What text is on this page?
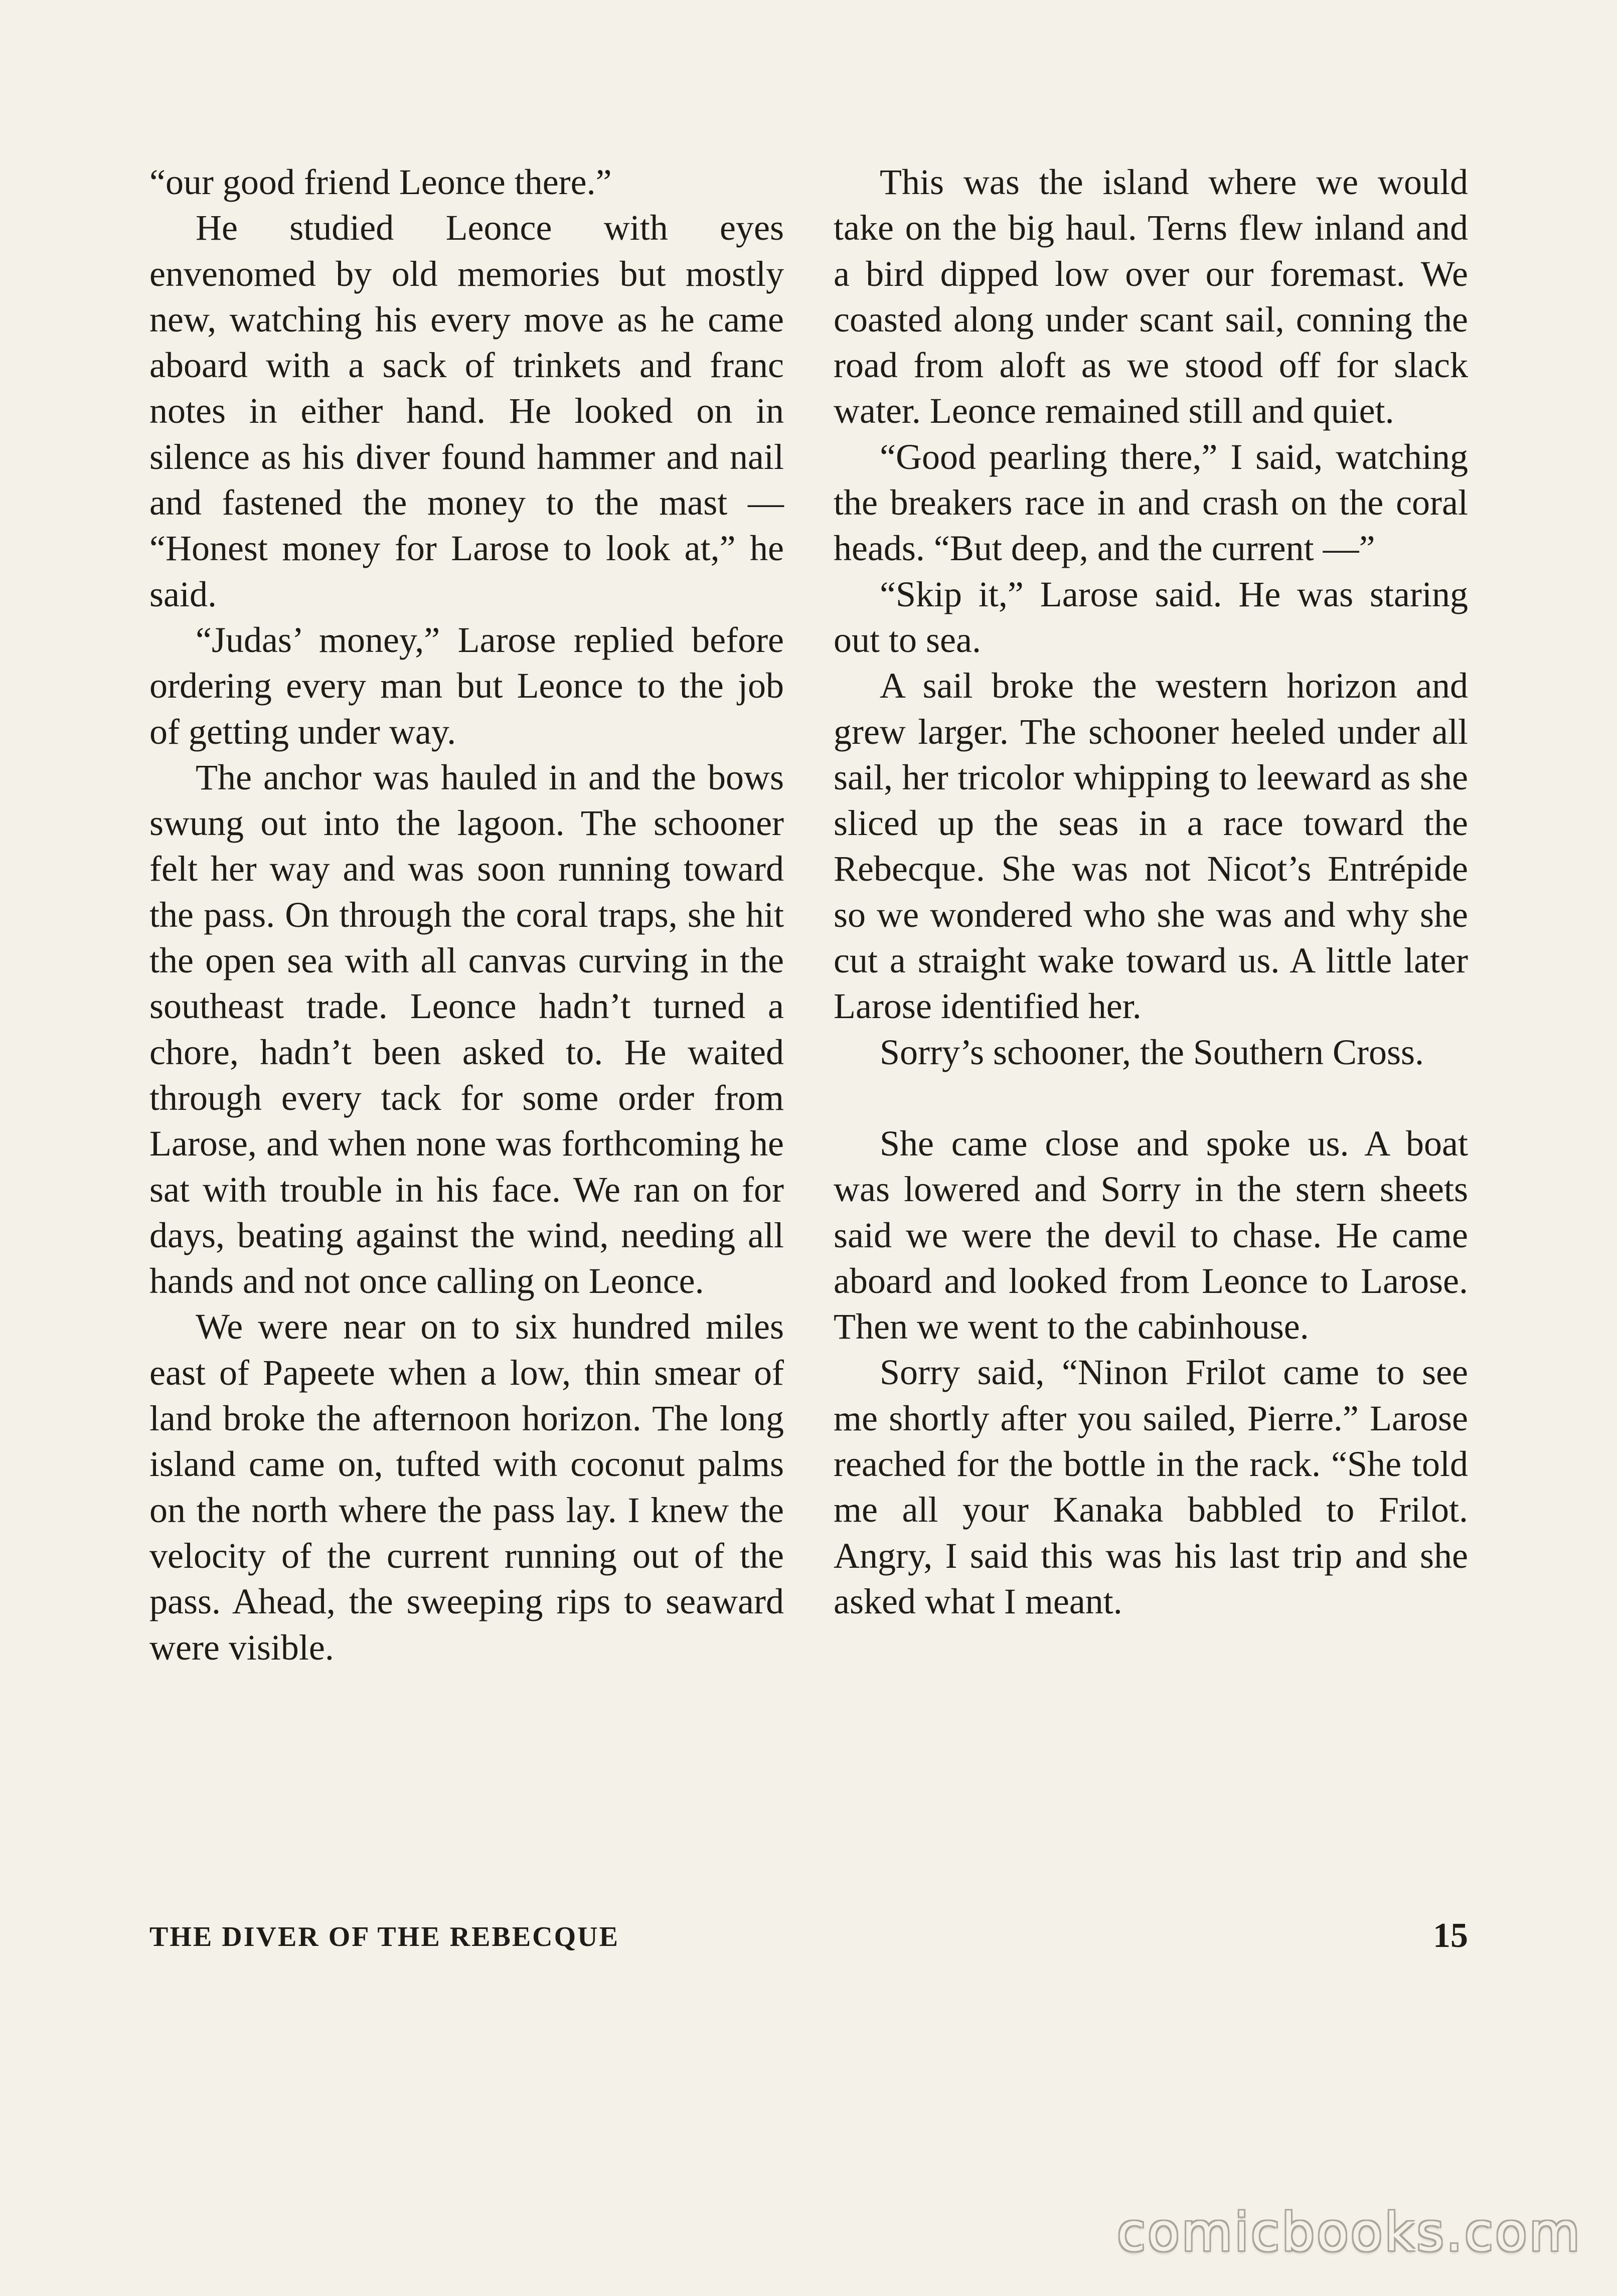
“our good friend Leonce there.”

He studied Leonce with eyes envenomed by old memories but mostly new, watching his every move as he came aboard with a sack of trinkets and franc notes in either hand. He looked on in silence as his diver found hammer and nail and fastened the money to the mast — “Honest money for Larose to look at,” he said.

“Judas’ money,” Larose replied before ordering every man but Leonce to the job of getting under way.

The anchor was hauled in and the bows swung out into the lagoon. The schooner felt her way and was soon running toward the pass. On through the coral traps, she hit the open sea with all canvas curving in the southeast trade. Leonce hadn’t turned a chore, hadn’t been asked to. He waited through every tack for some order from Larose, and when none was forthcoming he sat with trouble in his face. We ran on for days, beating against the wind, needing all hands and not once calling on Leonce.

We were near on to six hundred miles east of Papeete when a low, thin smear of land broke the afternoon horizon. The long island came on, tufted with coconut palms on the north where the pass lay. I knew the velocity of the current running out of the pass. Ahead, the sweeping rips to seaward were visible.

This was the island where we would take on the big haul. Terns flew inland and a bird dipped low over our foremast. We coasted along under scant sail, conning the road from aloft as we stood off for slack water. Leonce remained still and quiet.

“Good pearling there,” I said, watching the breakers race in and crash on the coral heads. “But deep, and the current —”

“Skip it,” Larose said. He was staring out to sea.

A sail broke the western horizon and grew larger. The schooner heeled under all sail, her tricolor whipping to leeward as she sliced up the seas in a race toward the Rebecque. She was not Nicot’s Entrépide so we wondered who she was and why she cut a straight wake toward us. A little later Larose identified her.

Sorry’s schooner, the Southern Cross.

She came close and spoke us. A boat was lowered and Sorry in the stern sheets said we were the devil to chase. He came aboard and looked from Leonce to Larose. Then we went to the cabinhouse.

Sorry said, “Ninon Frilot came to see me shortly after you sailed, Pierre.” Larose reached for the bottle in the rack. “She told me all your Kanaka babbled to Frilot. Angry, I said this was his last trip and she asked what I meant.

THE DIVER OF THE REBECQUE	15
comicbooks.com
